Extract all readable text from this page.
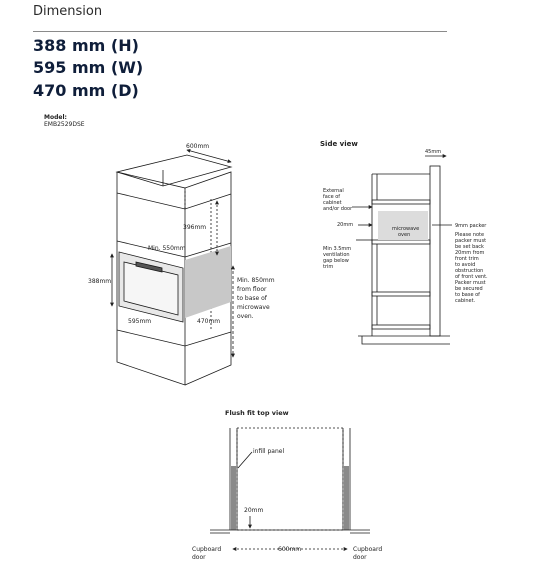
Dimension
388 mm (H)
595 mm (W)
470 mm (D)
Model:
EMB2529DSE
600mm
396mm
Min. 550mm
388mm
595mm	470mm
Min. 850mm
from floor
to base of
microwave
oven.
Side view
45mm
External
face of
cabinet
and/or door
20mm
microwave
oven
Min 3.5mm
ventilation
gap below
trim
9mm packer
Please note
packer must
be set back
20mm from
front trim
to avoid
obstruction
of front vent.
Packer must
be secured
to base of
cabinet.
Flush fit top view
infill panel
20mm
600mm
Cupboard
door
Cupboard
door
